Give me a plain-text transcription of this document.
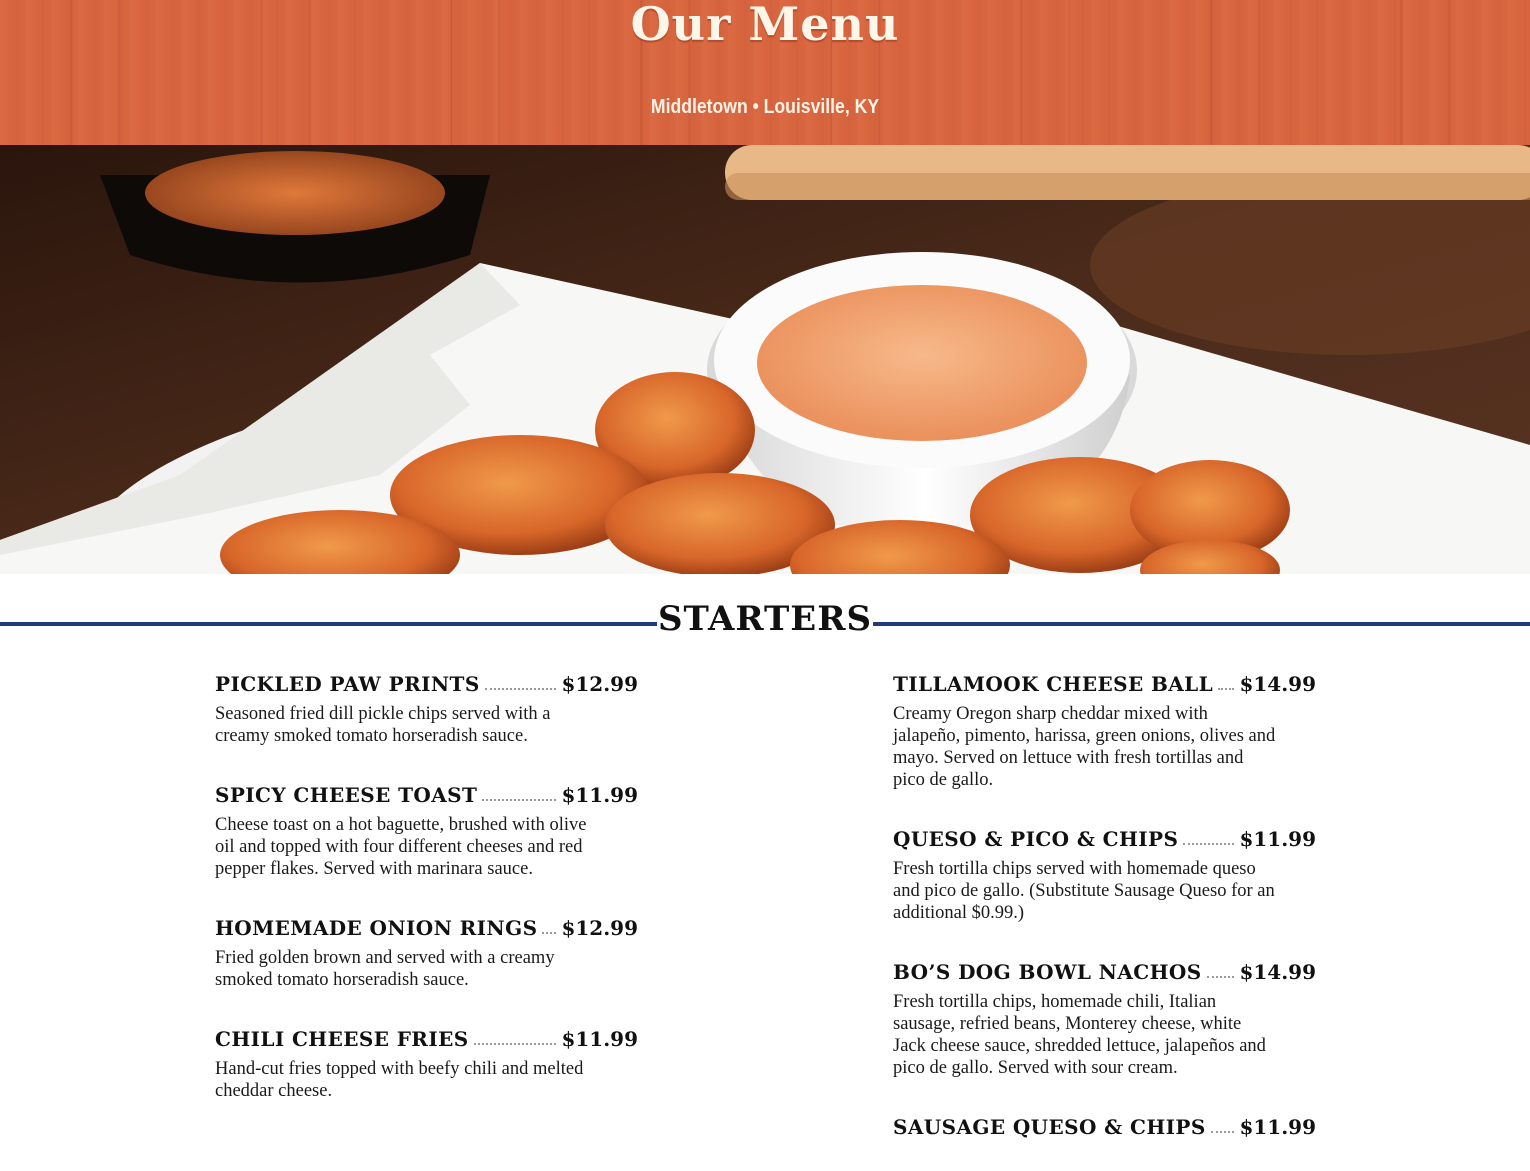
Our Menu
Middletown • Louisville, KY
STARTERS
PICKLED PAW PRINTS	$12.99
Seasoned fried dill pickle chips served with a creamy smoked tomato horseradish sauce.
SPICY CHEESE TOAST	$11.99
Cheese toast on a hot baguette, brushed with olive oil and topped with four different cheeses and red pepper flakes. Served with marinara sauce.
HOMEMADE ONION RINGS $12.99
Fried golden brown and served with a creamy smoked tomato horseradish sauce.
CHILI CHEESE FRIES	$11.99
Hand-cut fries topped with beefy chili and melted cheddar cheese.
TILLAMOOK CHEESE BALL $14.99
Creamy Oregon sharp cheddar mixed with jalapeño, pimento, harissa, green onions, olives and mayo. Served on lettuce with fresh tortillas and pico de gallo.
QUESO & PICO & CHIPS	$11.99
Fresh tortilla chips served with homemade queso and pico de gallo. (Substitute Sausage Queso for an additional $0.99.)
BO’S DOG BOWL NACHOS $14.99
Fresh tortilla chips, homemade chili, Italian sausage, refried beans, Monterey cheese, white Jack cheese sauce, shredded lettuce, jalapeños and pico de gallo. Served with sour cream.
SAUSAGE QUESO & CHIPS $11.99
